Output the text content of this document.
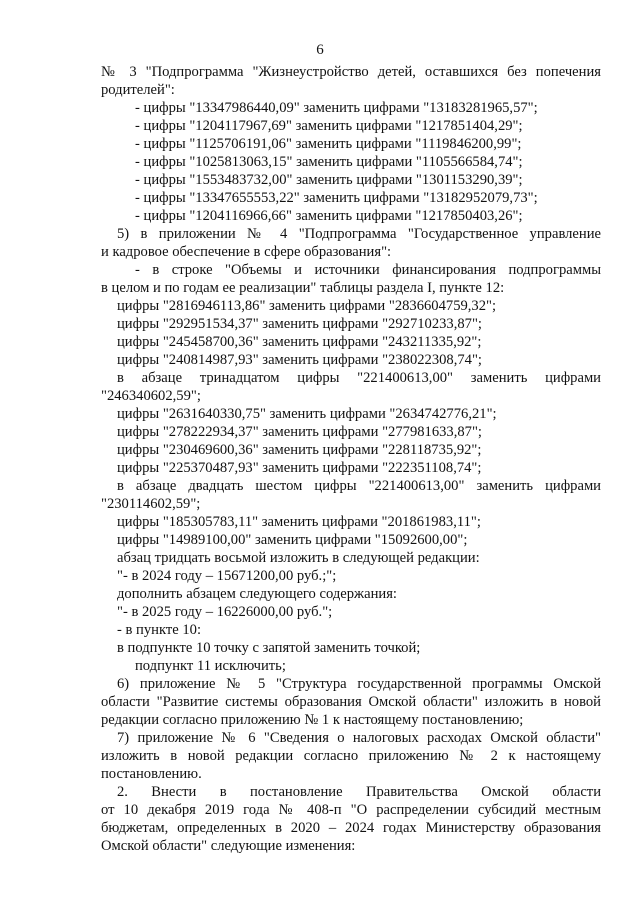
6
№ 3 "Подпрограмма "Жизнеустройство детей, оставшихся без попечения
родителей":
- цифры "13347986440,09" заменить цифрами "13183281965,57";
- цифры "1204117967,69" заменить цифрами "1217851404,29";
- цифры "1125706191,06" заменить цифрами "1119846200,99";
- цифры "1025813063,15" заменить цифрами "1105566584,74";
- цифры "1553483732,00" заменить цифрами "1301153290,39";
- цифры "13347655553,22" заменить цифрами "13182952079,73";
- цифры "1204116966,66" заменить цифрами "1217850403,26";
5) в приложении № 4 "Подпрограмма "Государственное управление
и кадровое обеспечение в сфере образования":
- в строке "Объемы и источники финансирования подпрограммы
в целом и по годам ее реализации" таблицы раздела I, пункте 12:
цифры "2816946113,86" заменить цифрами "2836604759,32";
цифры "292951534,37" заменить цифрами "292710233,87";
цифры "245458700,36" заменить цифрами "243211335,92";
цифры "240814987,93" заменить цифрами "238022308,74";
в абзаце тринадцатом цифры "221400613,00" заменить цифрами
"246340602,59";
цифры "2631640330,75" заменить цифрами "2634742776,21";
цифры "278222934,37" заменить цифрами "277981633,87";
цифры "230469600,36" заменить цифрами "228118735,92";
цифры "225370487,93" заменить цифрами "222351108,74";
в абзаце двадцать шестом цифры "221400613,00" заменить цифрами
"230114602,59";
цифры "185305783,11" заменить цифрами "201861983,11";
цифры "14989100,00" заменить цифрами "15092600,00";
абзац тридцать восьмой изложить в следующей редакции:
"- в 2024 году – 15671200,00 руб.;";
дополнить абзацем следующего содержания:
"- в 2025 году – 16226000,00 руб.";
- в пункте 10:
в подпункте 10 точку с запятой заменить точкой;
подпункт 11 исключить;
6) приложение № 5 "Структура государственной программы Омской
области "Развитие системы образования Омской области" изложить в новой
редакции согласно приложению № 1 к настоящему постановлению;
7) приложение № 6 "Сведения о налоговых расходах Омской области"
изложить в новой редакции согласно приложению № 2 к настоящему
постановлению.
2. Внести в постановление Правительства Омской области
от 10 декабря 2019 года № 408-п "О распределении субсидий местным
бюджетам, определенных в 2020 – 2024 годах Министерству образования
Омской области" следующие изменения:
